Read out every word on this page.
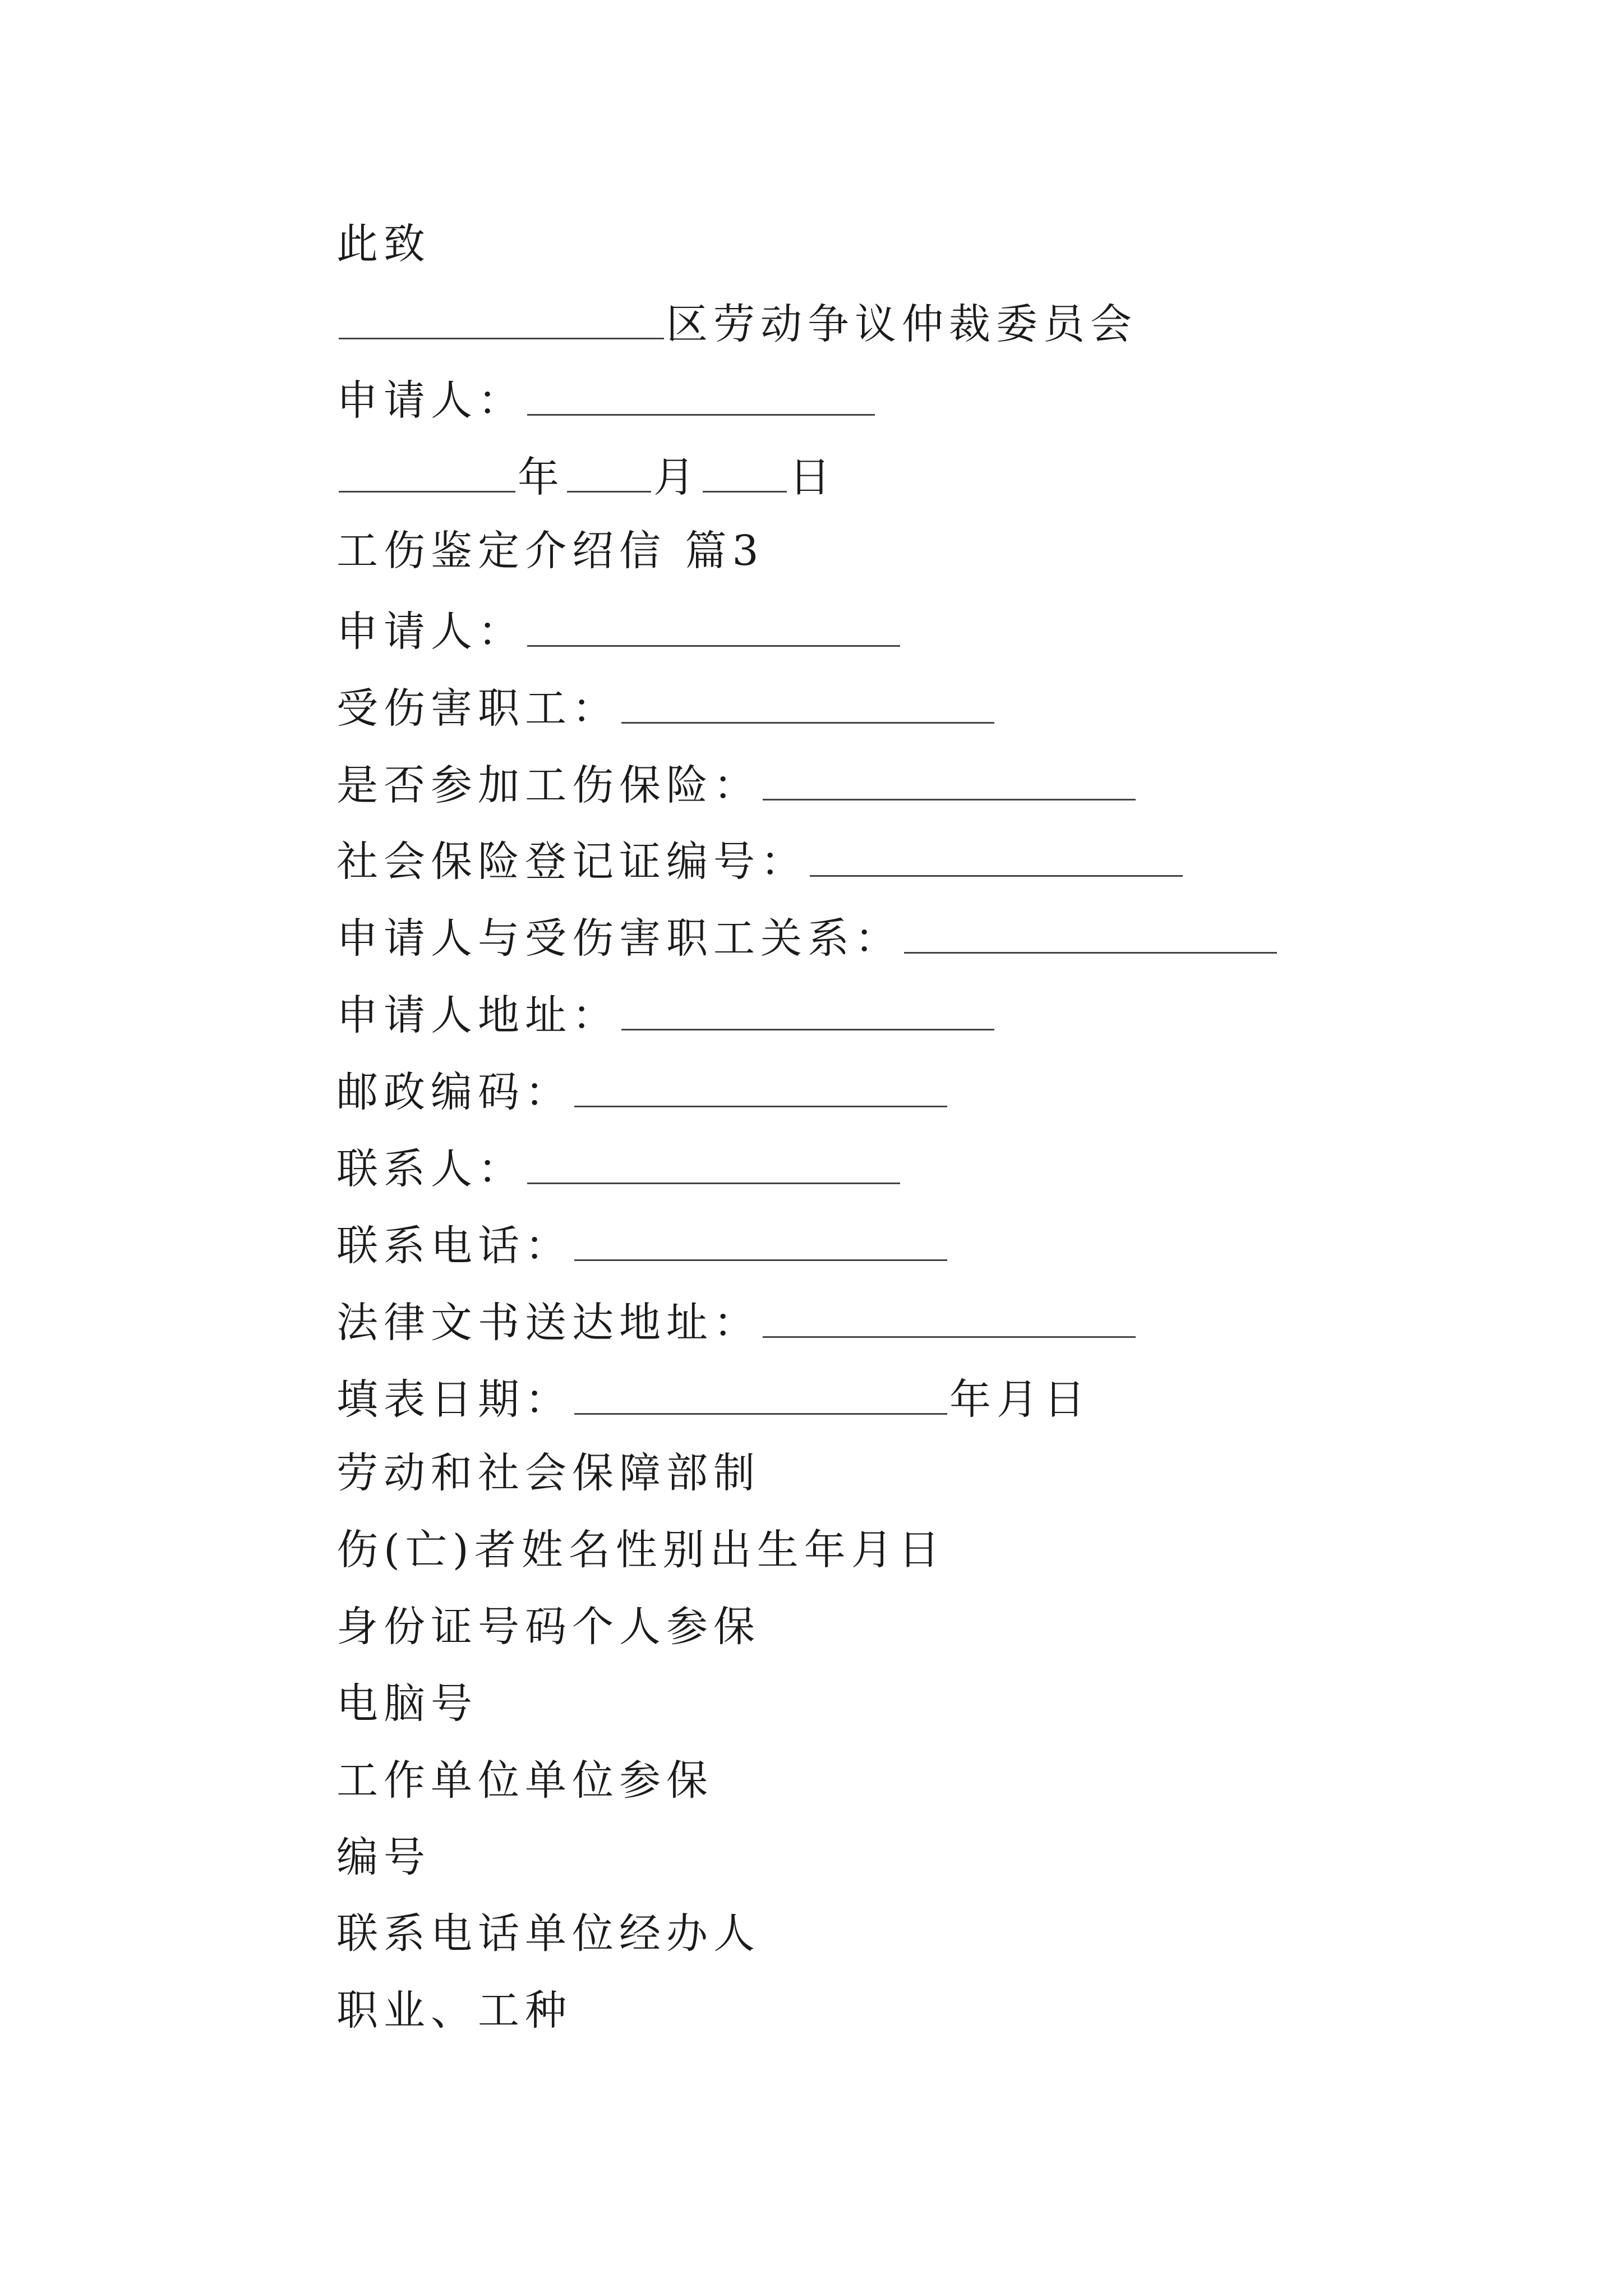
此致
区劳动争议仲裁委员会
申请人：
年 月 日
工伤鉴定介绍信 篇3
申请人：
受伤害职工：
是否参加工伤保险：
社会保险登记证编号：
申请人与受伤害职工关系：
申请人地址：
邮政编码：
联系人：
联系电话：
法律文书送达地址：
填表日期：	年月日
劳动和社会保障部制
伤(亡)者姓名性别出生年月日
身份证号码个人参保
电脑号
工作单位单位参保
编号
联系电话单位经办人
职业、工种
